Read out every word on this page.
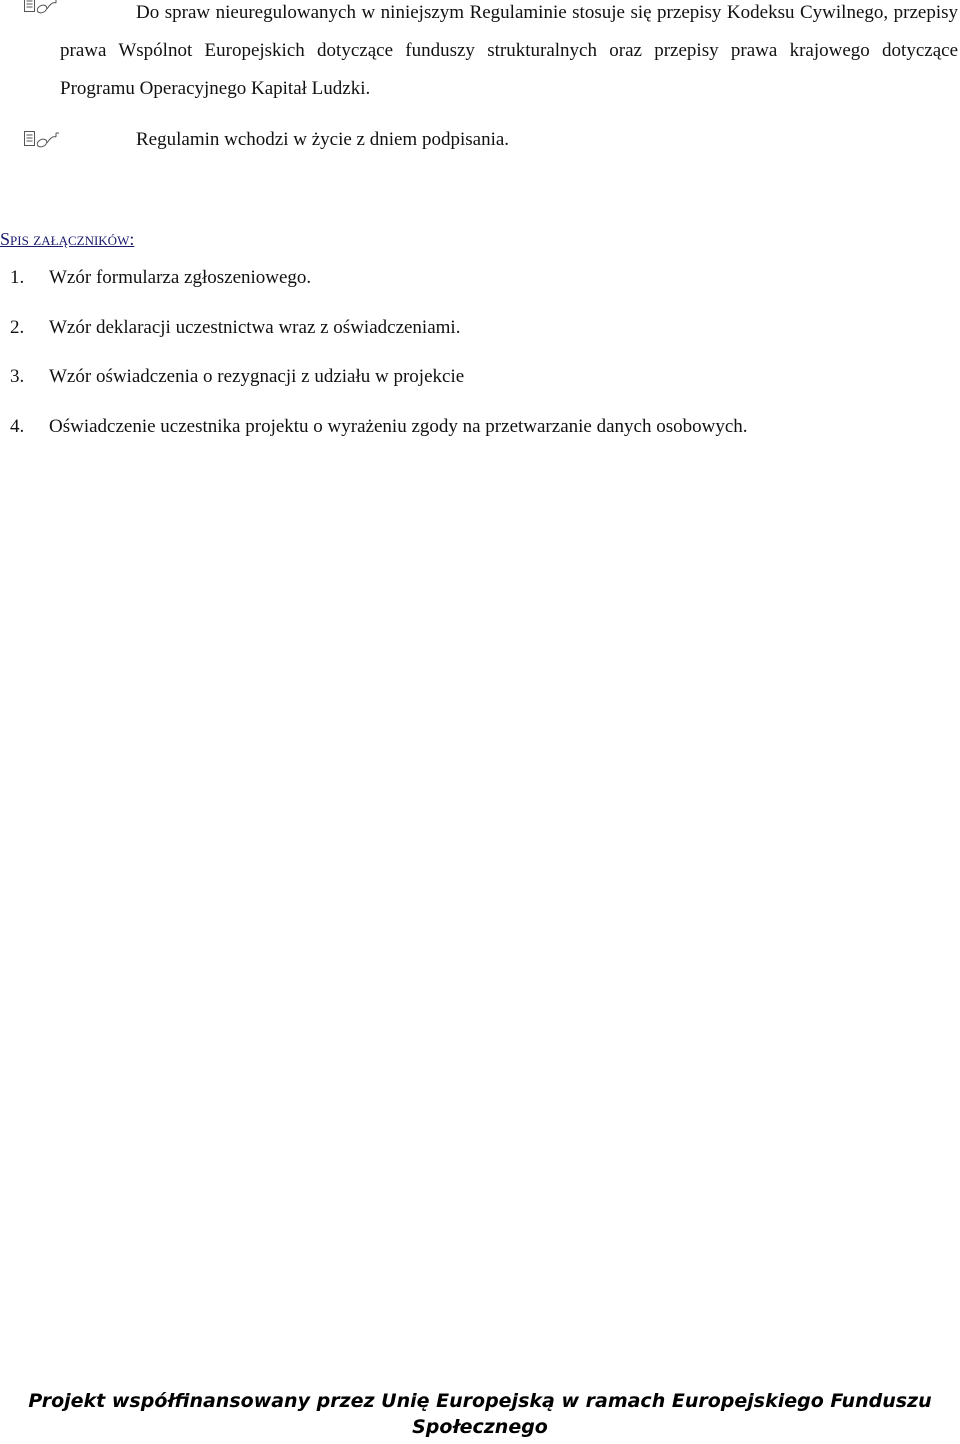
Do spraw nieuregulowanych w niniejszym Regulaminie stosuje się przepisy Kodeksu Cywilnego, przepisy prawa Wspólnot Europejskich dotyczące funduszy strukturalnych oraz przepisy prawa krajowego dotyczące Programu Operacyjnego Kapitał Ludzki.
Regulamin wchodzi w życie z dniem podpisania.
Spis załączników:
1. Wzór formularza zgłoszeniowego.
2. Wzór deklaracji uczestnictwa wraz z oświadczeniami.
3. Wzór oświadczenia o rezygnacji z udziału w projekcie
4. Oświadczenie uczestnika projektu o wyrażeniu zgody na przetwarzanie danych osobowych.
Projekt współfinansowany przez Unię Europejską w ramach Europejskiego Funduszu
Społecznego
